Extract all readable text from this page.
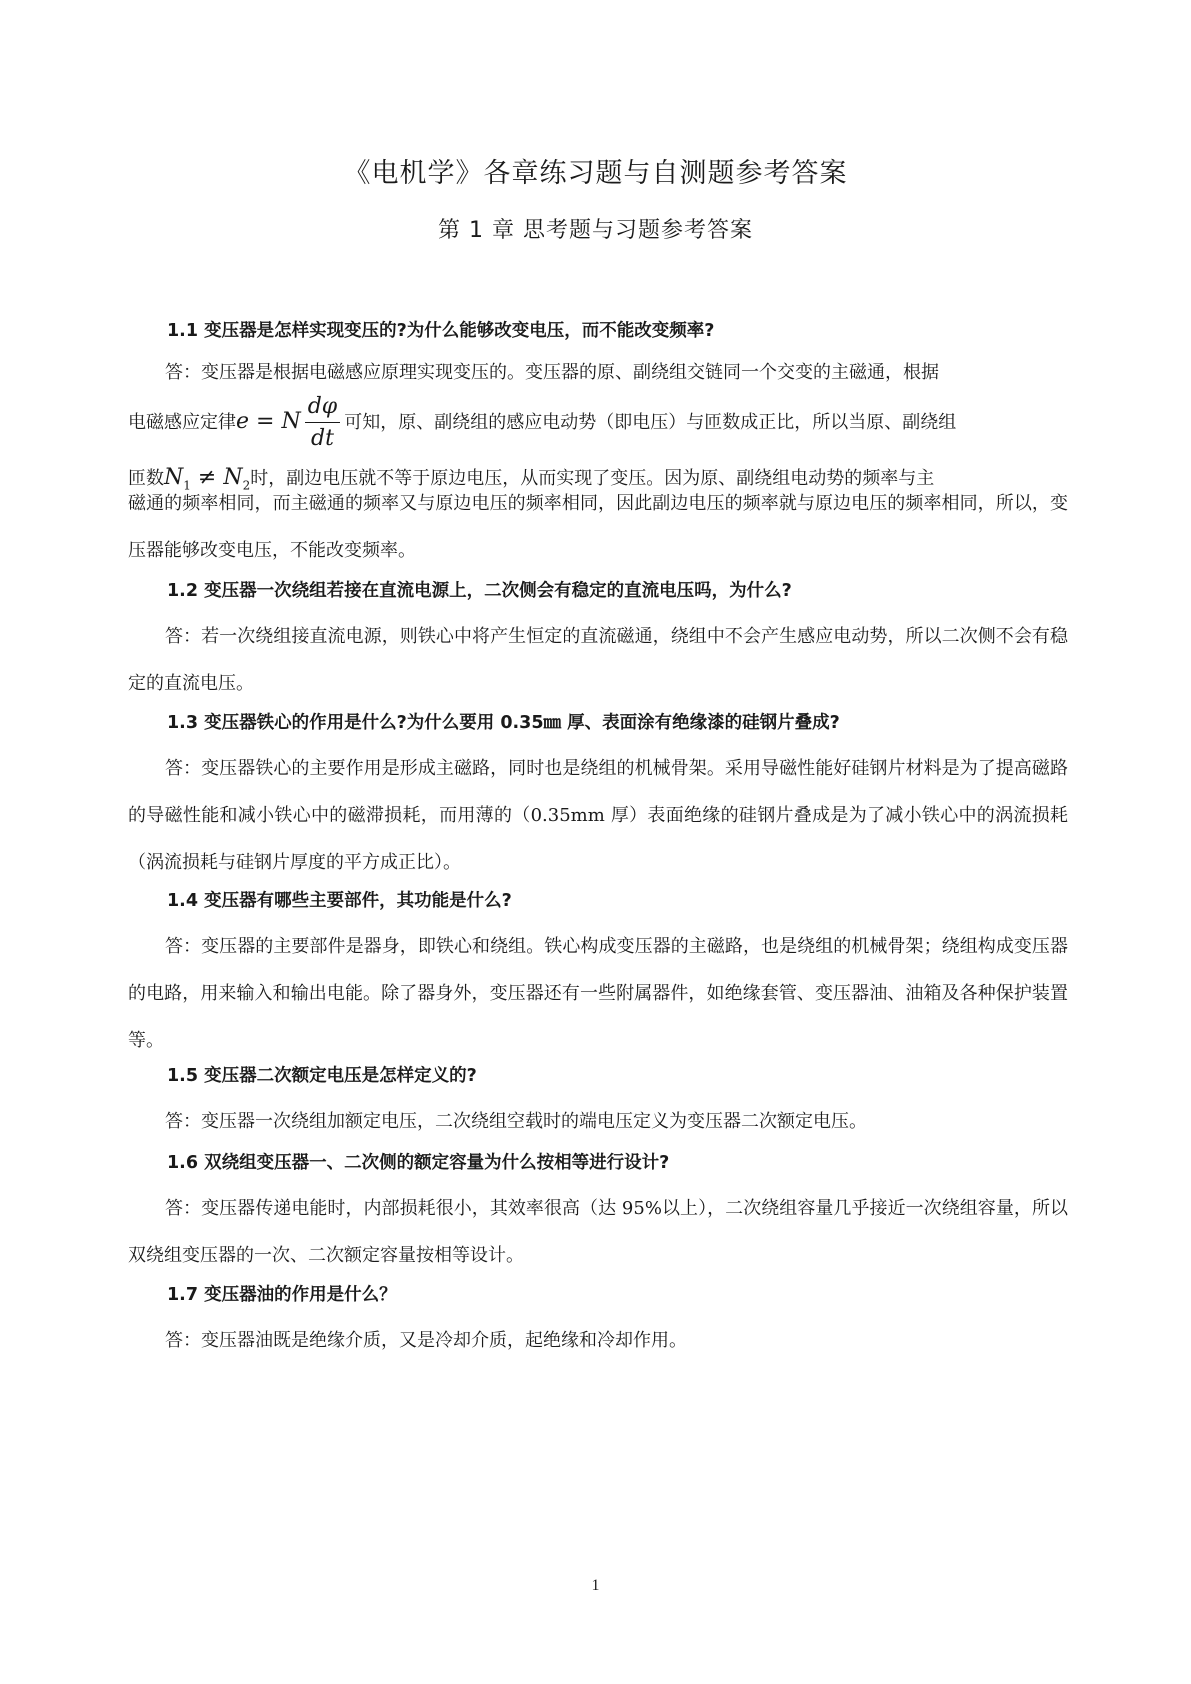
《电机学》各章练习题与自测题参考答案
第 1 章 思考题与习题参考答案
1.1 变压器是怎样实现变压的?为什么能够改变电压，而不能改变频率?
答：变压器是根据电磁感应原理实现变压的。变压器的原、副绕组交链同一个交变的主磁通，根据
电磁感应定律e = N $\frac{d\varphi}{dt}$ 可知，原、副绕组的感应电动势（即电压）与匝数成正比，所以当原、副绕组
匝数$N_1 \ne N_2$时，副边电压就不等于原边电压，从而实现了变压。因为原、副绕组电动势的频率与主

磁通的频率相同，而主磁通的频率又与原边电压的频率相同，因此副边电压的频率就与原边电压的频率相同，所以，变压器能够改变电压，不能改变频率。

1.2 变压器一次绕组若接在直流电源上，二次侧会有稳定的直流电压吗，为什么?

答：若一次绕组接直流电源，则铁心中将产生恒定的直流磁通，绕组中不会产生感应电动势，所以二次侧不会有稳定的直流电压。

1.3 变压器铁心的作用是什么?为什么要用 0.35㎜ 厚、表面涂有绝缘漆的硅钢片叠成?

答：变压器铁心的主要作用是形成主磁路，同时也是绕组的机械骨架。采用导磁性能好硅钢片材料是为了提高磁路的导磁性能和减小铁心中的磁滞损耗，而用薄的（0.35mm 厚）表面绝缘的硅钢片叠成是为了减小铁心中的涡流损耗（涡流损耗与硅钢片厚度的平方成正比）。

1.4 变压器有哪些主要部件，其功能是什么?

答：变压器的主要部件是器身，即铁心和绕组。铁心构成变压器的主磁路，也是绕组的机械骨架；绕组构成变压器的电路，用来输入和输出电能。除了器身外，变压器还有一些附属器件，如绝缘套管、变压器油、油箱及各种保护装置等。

1.5 变压器二次额定电压是怎样定义的?

答：变压器一次绕组加额定电压，二次绕组空载时的端电压定义为变压器二次额定电压。

1.6 双绕组变压器一、二次侧的额定容量为什么按相等进行设计?

答：变压器传递电能时，内部损耗很小，其效率很高（达 95%以上），二次绕组容量几乎接近一次绕组容量，所以双绕组变压器的一次、二次额定容量按相等设计。

1.7 变压器油的作用是什么？

答：变压器油既是绝缘介质，又是冷却介质，起绝缘和冷却作用。

1
